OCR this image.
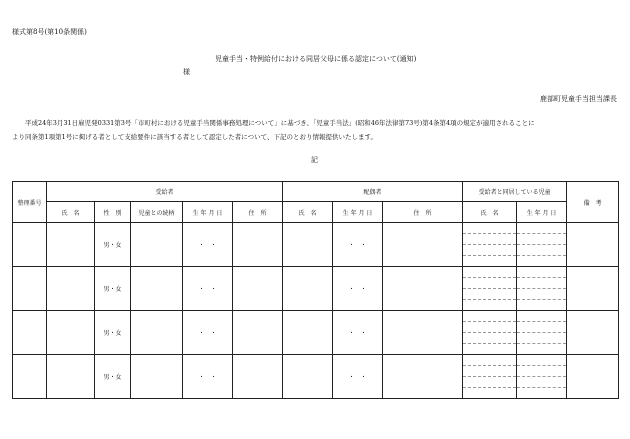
様式第8号(第10条関係)
児童手当・特例給付における同居父母に係る認定について(通知)
様
鹿部町児童手当担当課長
平成24年3月31日雇児発0331第3号「市町村における児童手当関係事務処理について」に基づき、「児童手当法」(昭和46年法律第73号)第4条第4項の規定が適用されることに
より同条第1項第1号に掲げる者として支給要件に該当する者として認定した者について、下記のとおり情報提供いたします。
記
整理番号	受給者					配偶者			受給者と同居している児童		備　考
	氏　名	性　別	児童との続柄	生 年 月 日	住　所	氏　名	生 年 月 日	住　所	氏　名	生 年 月 日	
		男・女		・　・			・　・				

		男・女		・　・			・　・				

		男・女		・　・			・　・				

		男・女		・　・			・　・				
